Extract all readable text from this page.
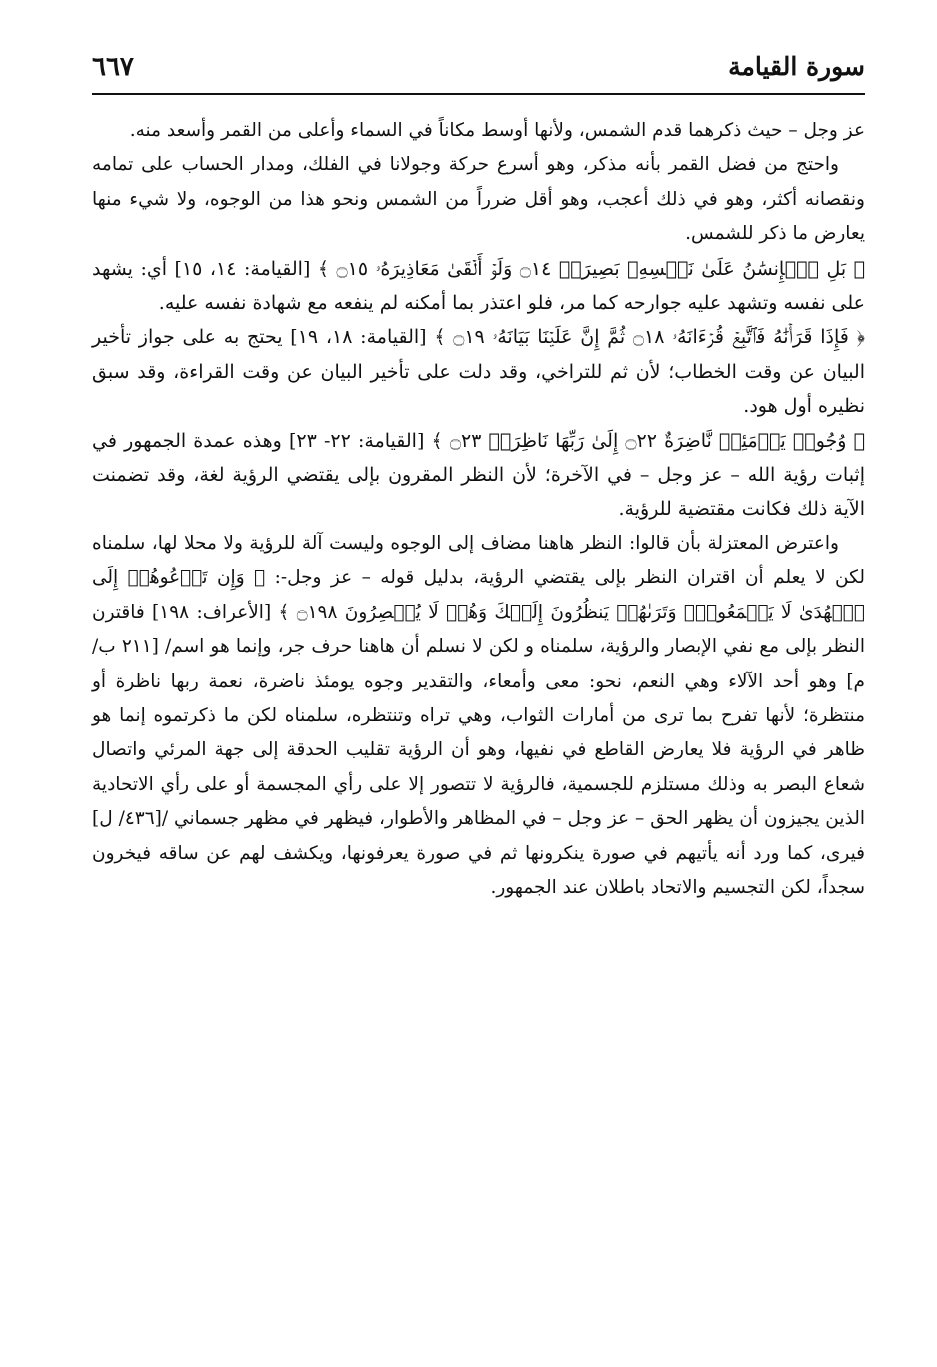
سورة القيامة
٦٦٧

عز وجل – حيث ذكرهما قدم الشمس، ولأنها أوسط مكاناً في السماء وأعلى من القمر وأسعد منه.

واحتج من فضل القمر بأنه مذكر، وهو أسرع حركة وجولانا في الفلك، ومدار الحساب على تمامه ونقصانه أكثر، وهو في ذلك أعجب، وهو أقل ضرراً من الشمس ونحو هذا من الوجوه، ولا شيء منها يعارض ما ذكر للشمس.

﴿ بَلِ ٱلۡإِنسَٰنُ عَلَىٰ نَفۡسِهِۦ بَصِيرَةٞ ۝١٤ وَلَوۡ أَلۡقَىٰ مَعَاذِيرَهُۥ ۝١٥ ﴾ [القيامة: ١٤، ١٥] أي: يشهد على نفسه وتشهد عليه جوارحه كما مر، فلو اعتذر بما أمكنه لم ينفعه مع شهادة نفسه عليه.

﴿ فَإِذَا قَرَأۡنَٰهُ فَٱتَّبِعۡ قُرۡءَانَهُۥ ۝١٨ ثُمَّ إِنَّ عَلَيۡنَا بَيَانَهُۥ ۝١٩ ﴾ [القيامة: ١٨، ١٩] يحتج به على جواز تأخير البيان عن وقت الخطاب؛ لأن ثم للتراخي، وقد دلت على تأخير البيان عن وقت القراءة، وقد سبق نظيره أول هود.

﴿ وُجُوهٞ يَوۡمَئِذٖ نَّاضِرَةٌ ۝٢٢ إِلَىٰ رَبِّهَا نَاظِرَةٞ ۝٢٣ ﴾ [القيامة: ٢٢- ٢٣] وهذه عمدة الجمهور في إثبات رؤية الله – عز وجل – في الآخرة؛ لأن النظر المقرون بإلى يقتضي الرؤية لغة، وقد تضمنت الآية ذلك فكانت مقتضية للرؤية.

واعترض المعتزلة بأن قالوا: النظر هاهنا مضاف إلى الوجوه وليست آلة للرؤية ولا محلا لها، سلمناه لكن لا يعلم أن اقتران النظر بإلى يقتضي الرؤية، بدليل قوله – عز وجل-: ﴿ وَإِن تَدۡعُوهُمۡ إِلَى ٱلۡهُدَىٰ لَا يَسۡمَعُواْۖ وَتَرَىٰهُمۡ يَنظُرُونَ إِلَيۡكَ وَهُمۡ لَا يُبۡصِرُونَ ۝١٩٨ ﴾ [الأعراف: ١٩٨] فاقترن النظر بإلى مع نفي الإبصار والرؤية، سلمناه و لكن لا نسلم أن هاهنا حرف جر، وإنما هو اسم/ [٢١١ ب/م] وهو أحد الآلاء وهي النعم، نحو: معى وأمعاء، والتقدير وجوه يومئذ ناضرة، نعمة ربها ناظرة أو منتظرة؛ لأنها تفرح بما ترى من أمارات الثواب، وهي تراه وتنتظره، سلمناه لكن ما ذكرتموه إنما هو ظاهر في الرؤية فلا يعارض القاطع في نفيها، وهو أن الرؤية تقليب الحدقة إلى جهة المرئي واتصال شعاع البصر به وذلك مستلزم للجسمية، فالرؤية لا تتصور إلا على رأي المجسمة أو على رأي الاتحادية الذين يجيزون أن يظهر الحق – عز وجل – في المظاهر والأطوار، فيظهر في مظهر جسماني /[٤٣٦/ ل] فيرى، كما ورد أنه يأتيهم في صورة ينكرونها ثم في صورة يعرفونها، ويكشف لهم عن ساقه فيخرون سجداً، لكن التجسيم والاتحاد باطلان عند الجمهور.
